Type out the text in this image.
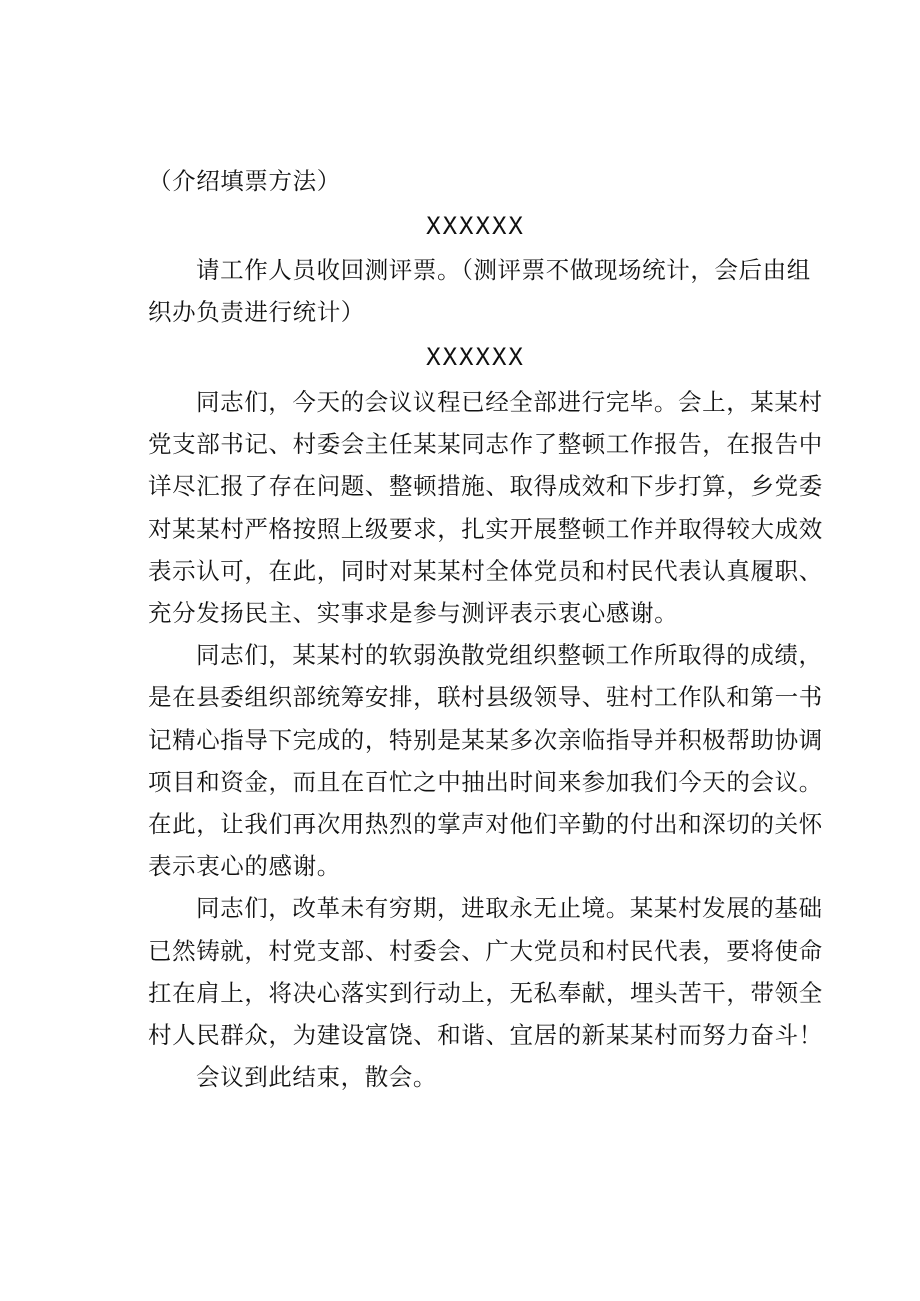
（介绍填票方法）

XXXXXX

请工作人员收回测评票。（测评票不做现场统计，会后由组

织办负责进行统计）

XXXXXX

同志们，今天的会议议程已经全部进行完毕。会上，某某村

党支部书记、村委会主任某某同志作了整顿工作报告，在报告中

详尽汇报了存在问题、整顿措施、取得成效和下步打算，乡党委

对某某村严格按照上级要求，扎实开展整顿工作并取得较大成效

表示认可，在此，同时对某某村全体党员和村民代表认真履职、

充分发扬民主、实事求是参与测评表示衷心感谢。

同志们，某某村的软弱涣散党组织整顿工作所取得的成绩，

是在县委组织部统筹安排，联村县级领导、驻村工作队和第一书

记精心指导下完成的，特别是某某多次亲临指导并积极帮助协调

项目和资金，而且在百忙之中抽出时间来参加我们今天的会议。

在此，让我们再次用热烈的掌声对他们辛勤的付出和深切的关怀

表示衷心的感谢。

同志们，改革未有穷期，进取永无止境。某某村发展的基础

已然铸就，村党支部、村委会、广大党员和村民代表，要将使命

扛在肩上，将决心落实到行动上，无私奉献，埋头苦干，带领全

村人民群众，为建设富饶、和谐、宜居的新某某村而努力奋斗！

会议到此结束，散会。
